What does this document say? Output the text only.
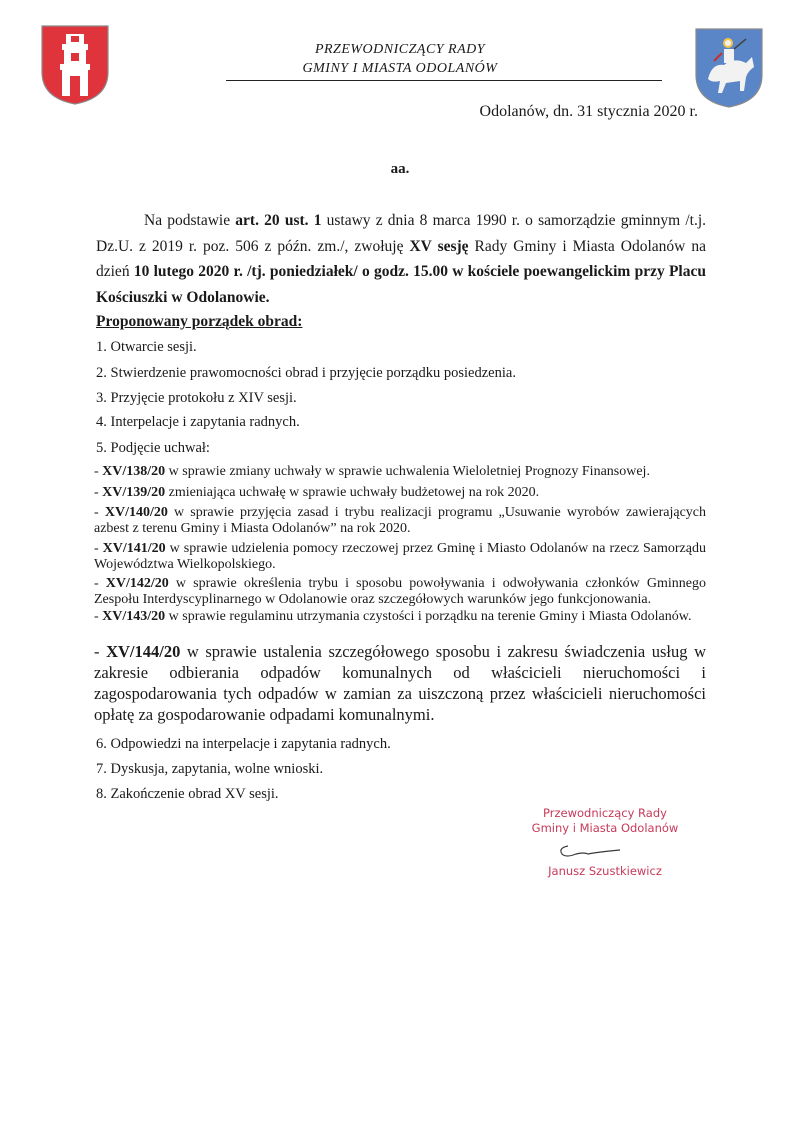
PRZEWODNICZĄCY RADY
GMINY I MIASTA ODOLANÓW
Odolanów, dn. 31 stycznia 2020 r.
aa.

Na podstawie art. 20 ust. 1 ustawy z dnia 8 marca 1990 r. o samorządzie gminnym /t.j. Dz.U. z 2019 r. poz. 506 z późn. zm./, zwołuję XV sesję Rady Gminy i Miasta Odolanów na dzień 10 lutego 2020 r. /tj. poniedziałek/ o godz. 15.00 w kościele poewangelickim przy Placu Kościuszki w Odolanowie.

Proponowany porządek obrad:
1. Otwarcie sesji.
2. Stwierdzenie prawomocności obrad i przyjęcie porządku posiedzenia.
3. Przyjęcie protokołu z XIV sesji.
4. Interpelacje i zapytania radnych.
5. Podjęcie uchwał:
- XV/138/20 w sprawie zmiany uchwały w sprawie uchwalenia Wieloletniej Prognozy Finansowej.
- XV/139/20 zmieniająca uchwałę w sprawie uchwały budżetowej na rok 2020.
- XV/140/20 w sprawie przyjęcia zasad i trybu realizacji programu „Usuwanie wyrobów zawierających azbest z terenu Gminy i Miasta Odolanów” na rok 2020.
- XV/141/20 w sprawie udzielenia pomocy rzeczowej przez Gminę i Miasto Odolanów na rzecz Samorządu Województwa Wielkopolskiego.
- XV/142/20 w sprawie określenia trybu i sposobu powoływania i odwoływania członków Gminnego Zespołu Interdyscyplinarnego w Odolanowie oraz szczegółowych warunków jego funkcjonowania.
- XV/143/20 w sprawie regulaminu utrzymania czystości i porządku na terenie Gminy i Miasta Odolanów.
- XV/144/20 w sprawie ustalenia szczegółowego sposobu i zakresu świadczenia usług w zakresie odbierania odpadów komunalnych od właścicieli nieruchomości i zagospodarowania tych odpadów w zamian za uiszczoną przez właścicieli nieruchomości opłatę za gospodarowanie odpadami komunalnymi.
6. Odpowiedzi na interpelacje i zapytania radnych.
7. Dyskusja, zapytania, wolne wnioski.
8. Zakończenie obrad XV sesji.
Przewodniczący Rady
Gminy i Miasta Odolanów
Janusz Szustkiewicz
